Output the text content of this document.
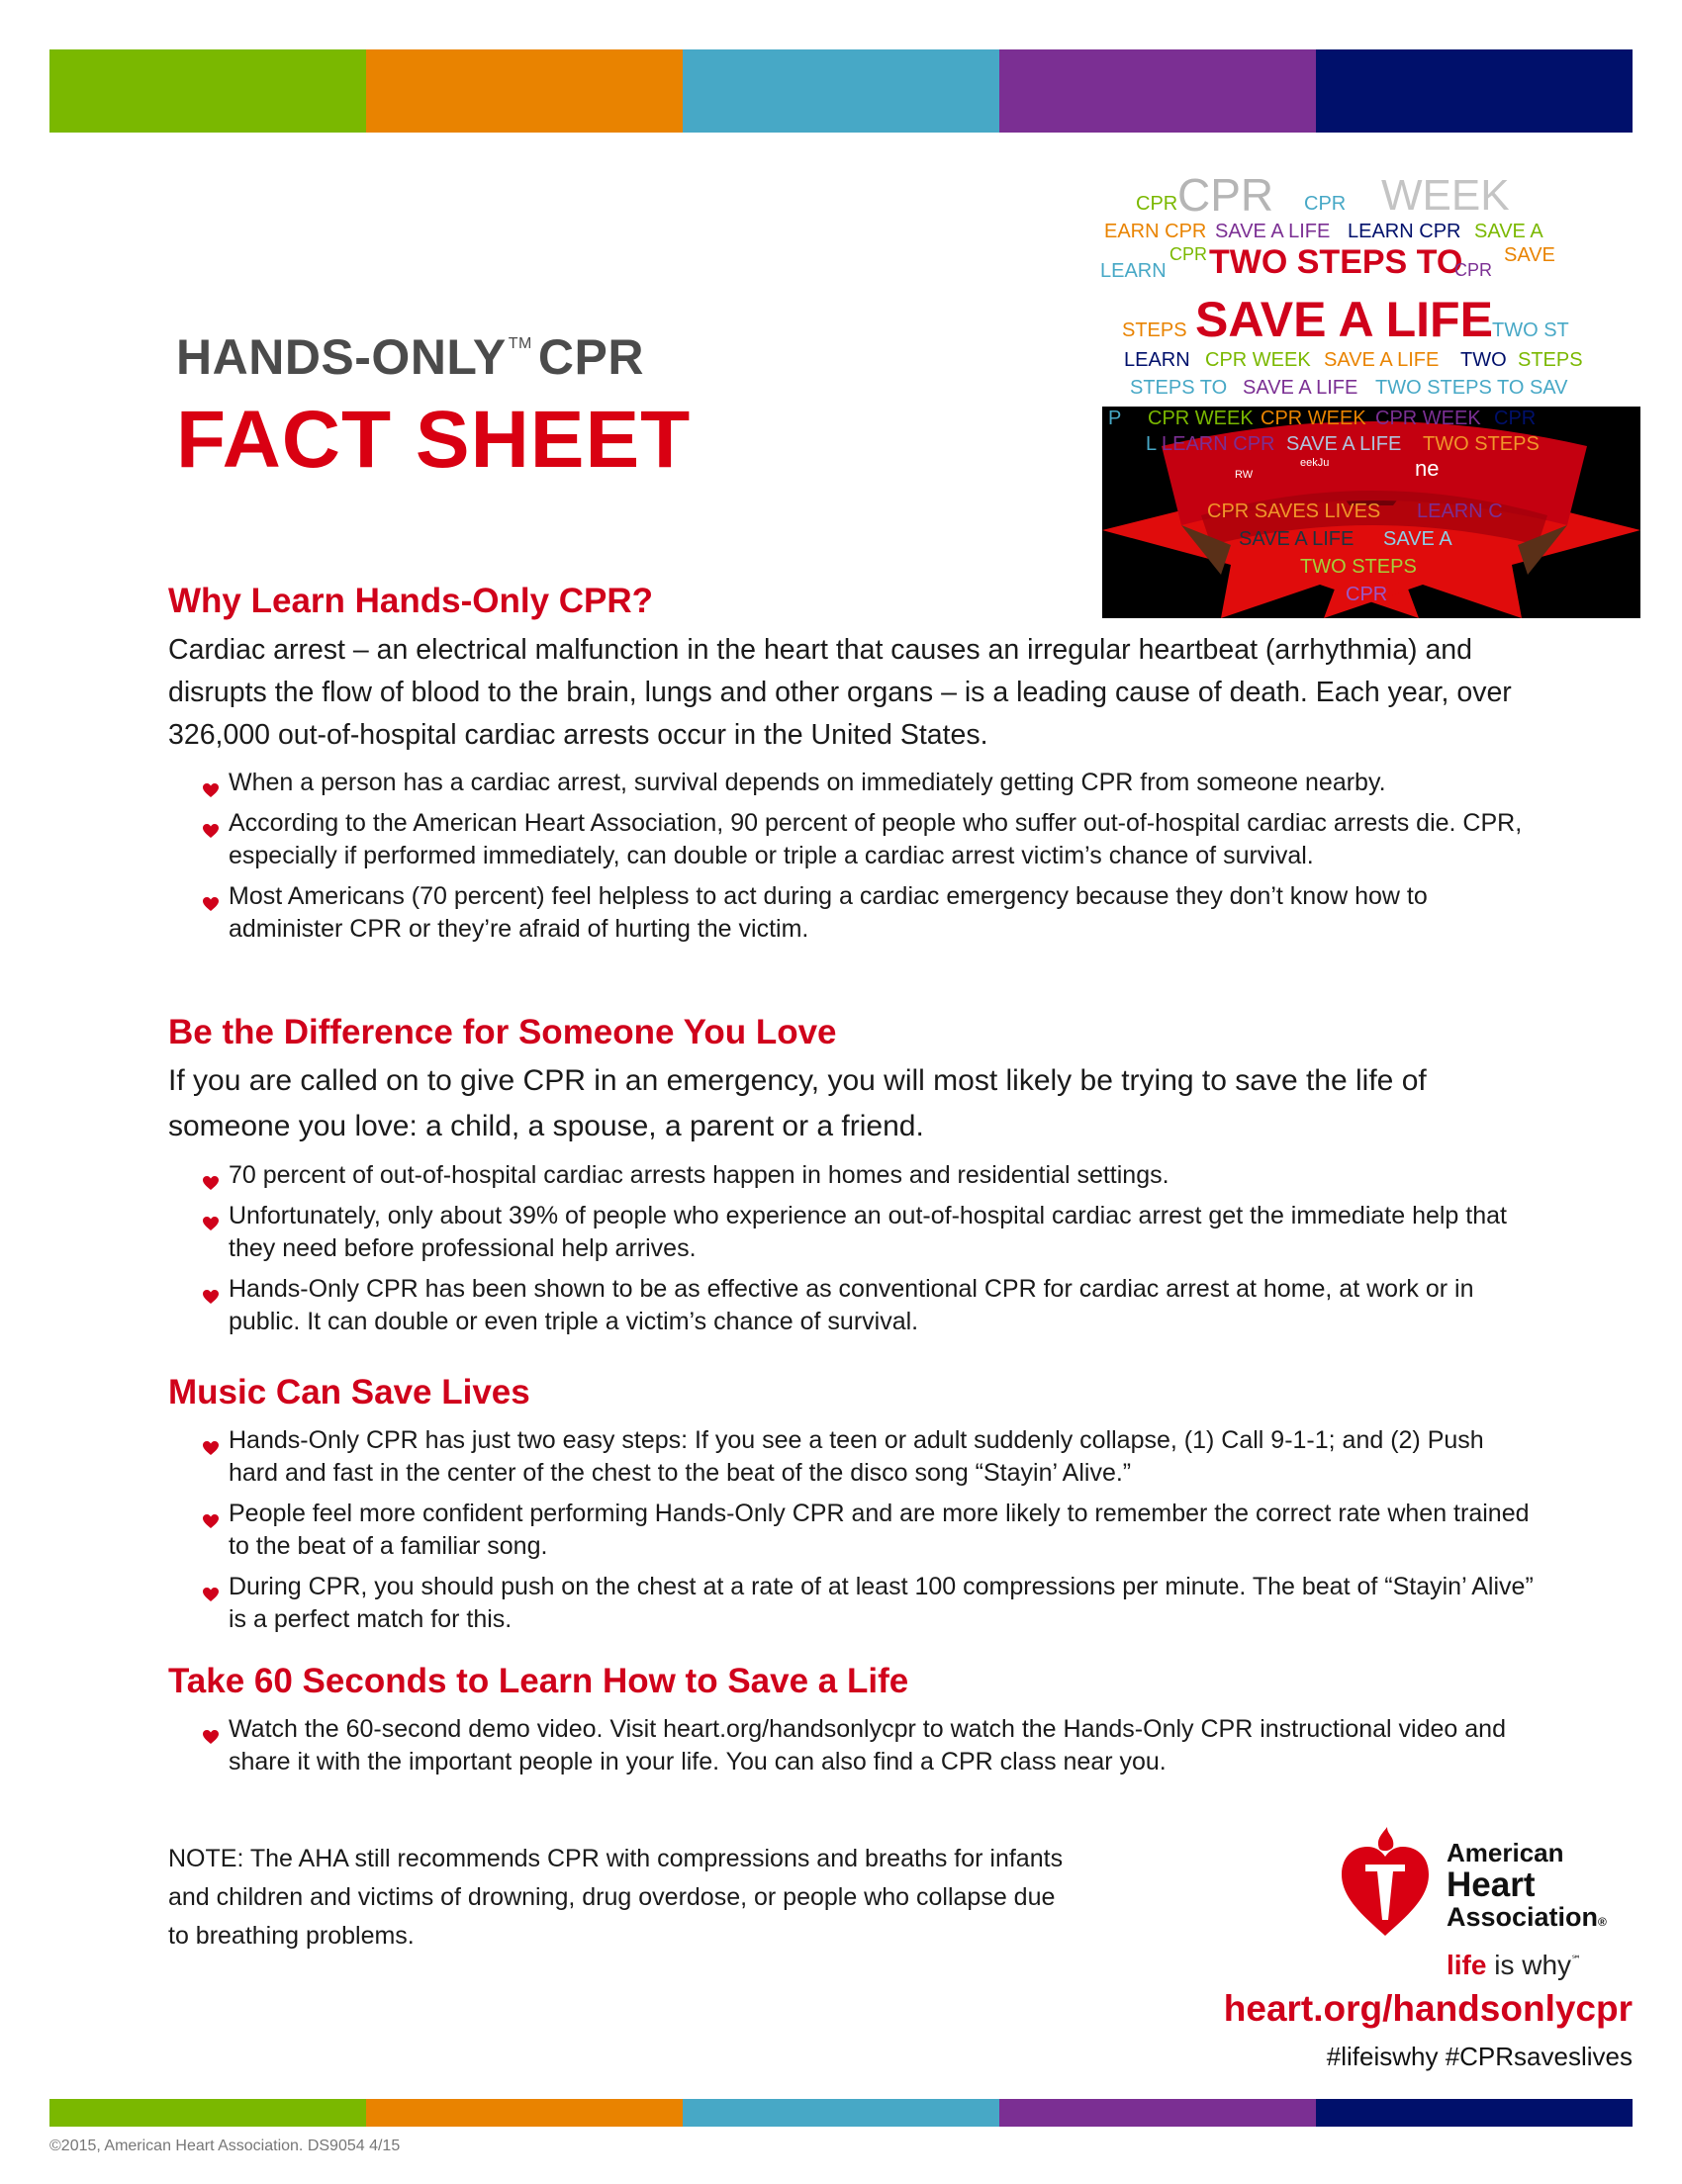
HANDS-ONLY ™ CPR
FACT SHEET	P CPR WEEK CPR WEEK CPR WEEK CPR
L LEARN CPR SAVE A LIFE TWO STEPS
eekJu
RW	ne
CPR SAVES LIVES LEARN C
SAVE A LIFE SAVE A
TWO STEPS
CPR
CPR CPR CPR WEEK
EARN CPR SAVE A LIFE LEARN CPR SAVE A
LEARN
CPR TWO STEPS TO
CPR
SAVE
STEPS SAVE A LIFE TWO ST
LEARN CPR WEEK SAVE A LIFE TWO STEPS
STEPS TO SAVE A LIFE TWO STEPS TO SAV
Why Learn Hands-Only CPR?

Cardiac arrest – an electrical malfunction in the heart that causes an irregular heartbeat (arrhythmia) and disrupts the flow of blood to the brain, lungs and other organs – is a leading cause of death. Each year, over 326,000 out-of-hospital cardiac arrests occur in the United States.

When a person has a cardiac arrest, survival depends on immediately getting CPR from someone nearby.
According to the American Heart Association, 90 percent of people who suffer out-of-hospital cardiac arrests die. CPR, especially if performed immediately, can double or triple a cardiac arrest victim’s chance of survival.
Most Americans (70 percent) feel helpless to act during a cardiac emergency because they don’t know how to administer CPR or they’re afraid of hurting the victim.
Be the Difference for Someone You Love

If you are called on to give CPR in an emergency, you will most likely be trying to save the life of someone you love: a child, a spouse, a parent or a friend.

70 percent of out-of-hospital cardiac arrests happen in homes and residential settings.
Unfortunately, only about 39% of people who experience an out-of-hospital cardiac arrest get the immediate help that they need before professional help arrives.
Hands-Only CPR has been shown to be as effective as conventional CPR for cardiac arrest at home, at work or in public. It can double or even triple a victim’s chance of survival.
Music Can Save Lives
Hands-Only CPR has just two easy steps: If you see a teen or adult suddenly collapse, (1) Call 9-1-1; and (2) Push hard and fast in the center of the chest to the beat of the disco song “Stayin’ Alive.”
People feel more confident performing Hands-Only CPR and are more likely to remember the correct rate when trained to the beat of a familiar song.
During CPR, you should push on the chest at a rate of at least 100 compressions per minute. The beat of “Stayin’ Alive” is a perfect match for this.
Take 60 Seconds to Learn How to Save a Life
Watch the 60-second demo video. Visit heart.org/handsonlycpr to watch the Hands-Only CPR instructional video and share it with the important people in your life. You can also find a CPR class near you.
NOTE: The AHA still recommends CPR with compressions and breaths for infants and children and victims of drowning, drug overdose, or people who collapse due to breathing problems.
American
Heart
Association®
life is why℠
heart.org/handsonlycpr
#lifeiswhy #CPRsaveslives
©2015, American Heart Association. DS9054 4/15
